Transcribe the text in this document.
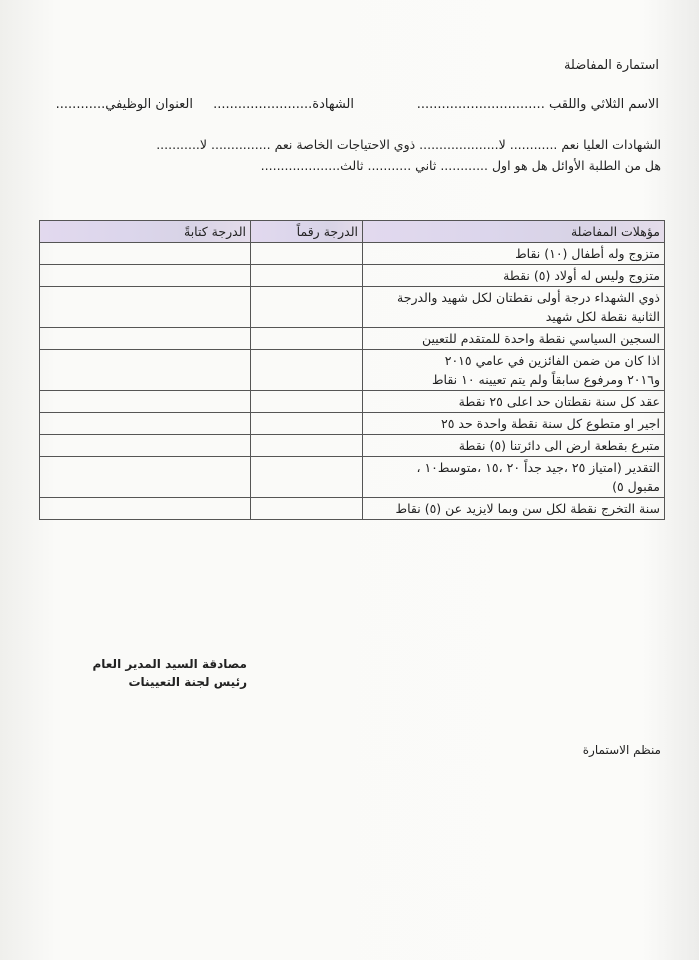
استمارة المفاضلة
الاسم الثلاثي واللقب ...............................
الشهادة........................
العنوان الوظيفي............
الشهادات العليا نعم ............ لا.................... ذوي الاحتياجات الخاصة نعم ............... لا...........
هل من الطلبة الأوائل هل هو اول ............ ثاني ........... ثالث....................
مؤهلات المفاضلة	الدرجة رقماً	الدرجة كتابةً

متزوج وله أطفال (١٠) نقاط		

متزوج وليس له أولاد (٥) نقطة		

ذوي الشهداء درجة أولى نقطتان لكل شهيد والدرجة
الثانية نقطة لكل شهيد		

السجين السياسي نقطة واحدة للمتقدم للتعيين		

اذا كان من ضمن الفائزين في عامي ٢٠١٥
و٢٠١٦ ومرفوع سابقاً ولم يتم تعيينه ١٠ نقاط		

عقد كل سنة نقطتان حد اعلى ٢٥ نقطة		

اجير او متطوع كل سنة نقطة واحدة حد ٢٥		

متبرع بقطعة ارض الى دائرتنا (٥) نقطة		

التقدير (امتياز ٢٥ ،جيد جداً ٢٠ ،١٥ ،متوسط١٠ ،
مقبول ٥)		

سنة التخرج نقطة لكل سن وبما لايزيد عن (٥) نقاط		

مصادقة السيد المدير العام
رئيس لجنة التعيينات
منظم الاستمارة
